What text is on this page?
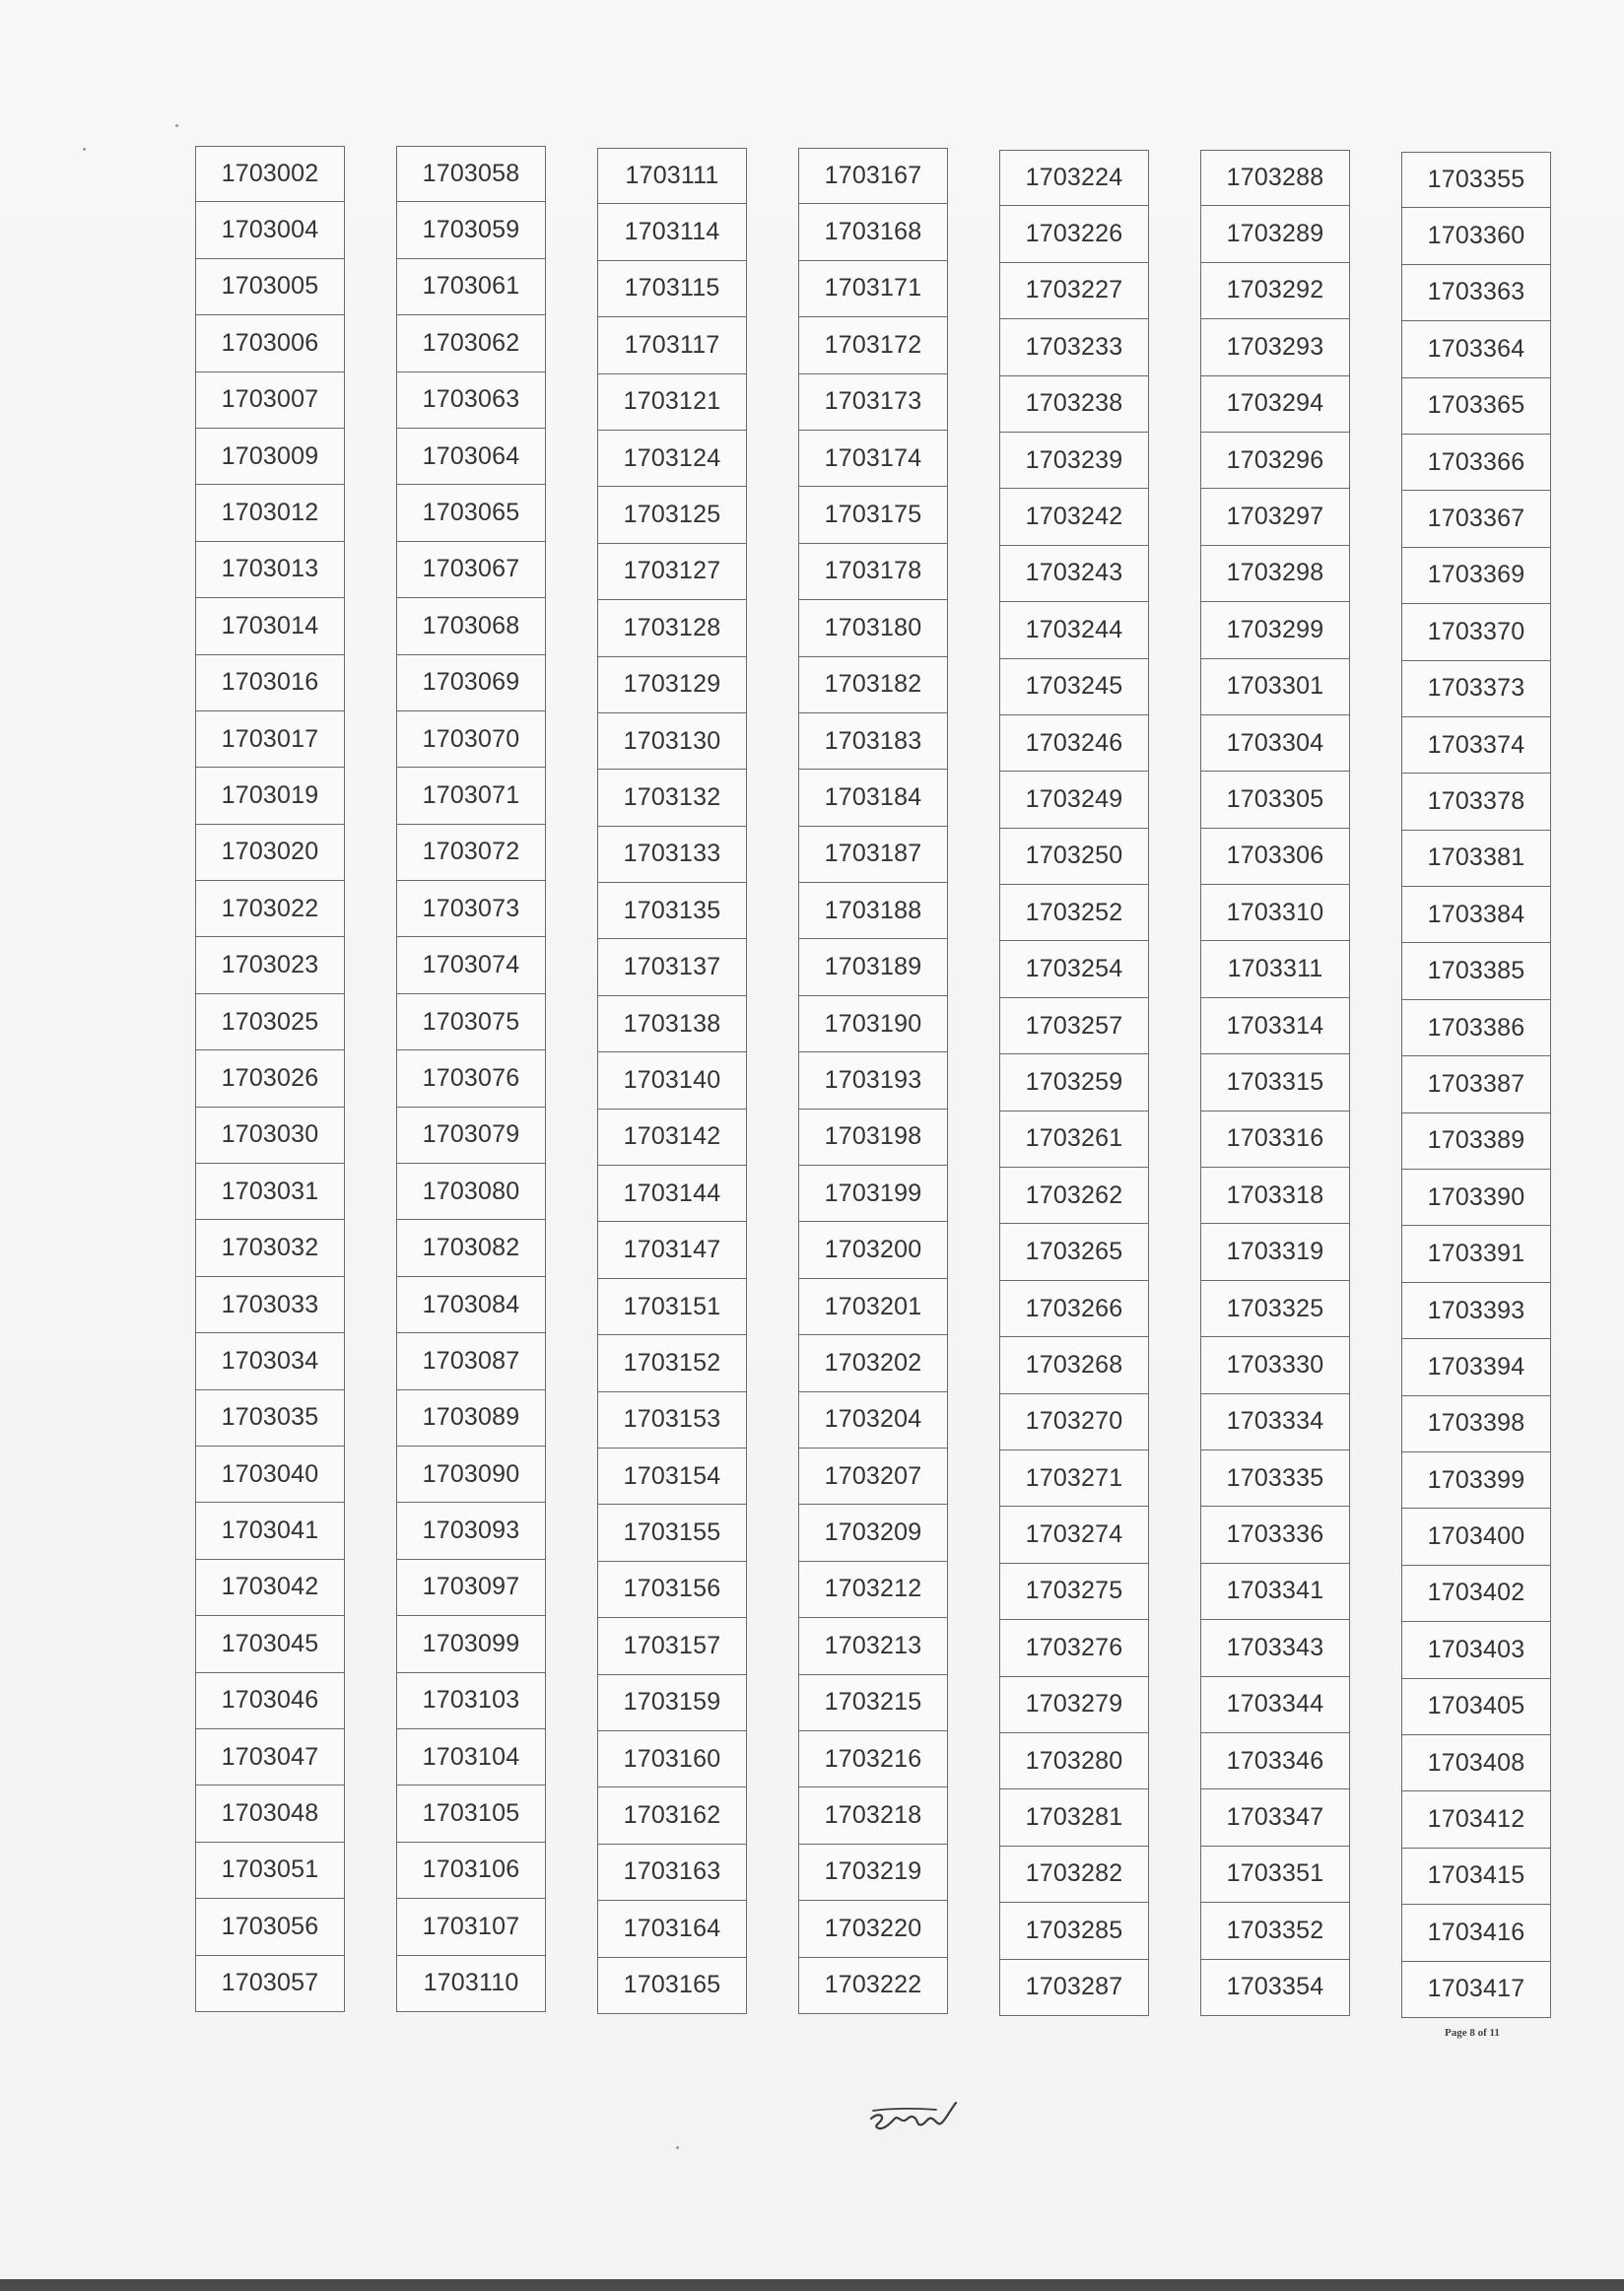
1703002
1703004
1703005
1703006
1703007
1703009
1703012
1703013
1703014
1703016
1703017
1703019
1703020
1703022
1703023
1703025
1703026
1703030
1703031
1703032
1703033
1703034
1703035
1703040
1703041
1703042
1703045
1703046
1703047
1703048
1703051
1703056
1703057
1703058
1703059
1703061
1703062
1703063
1703064
1703065
1703067
1703068
1703069
1703070
1703071
1703072
1703073
1703074
1703075
1703076
1703079
1703080
1703082
1703084
1703087
1703089
1703090
1703093
1703097
1703099
1703103
1703104
1703105
1703106
1703107
1703110
1703111
1703114
1703115
1703117
1703121
1703124
1703125
1703127
1703128
1703129
1703130
1703132
1703133
1703135
1703137
1703138
1703140
1703142
1703144
1703147
1703151
1703152
1703153
1703154
1703155
1703156
1703157
1703159
1703160
1703162
1703163
1703164
1703165
1703167
1703168
1703171
1703172
1703173
1703174
1703175
1703178
1703180
1703182
1703183
1703184
1703187
1703188
1703189
1703190
1703193
1703198
1703199
1703200
1703201
1703202
1703204
1703207
1703209
1703212
1703213
1703215
1703216
1703218
1703219
1703220
1703222
1703224
1703226
1703227
1703233
1703238
1703239
1703242
1703243
1703244
1703245
1703246
1703249
1703250
1703252
1703254
1703257
1703259
1703261
1703262
1703265
1703266
1703268
1703270
1703271
1703274
1703275
1703276
1703279
1703280
1703281
1703282
1703285
1703287
1703288
1703289
1703292
1703293
1703294
1703296
1703297
1703298
1703299
1703301
1703304
1703305
1703306
1703310
1703311
1703314
1703315
1703316
1703318
1703319
1703325
1703330
1703334
1703335
1703336
1703341
1703343
1703344
1703346
1703347
1703351
1703352
1703354
1703355
1703360
1703363
1703364
1703365
1703366
1703367
1703369
1703370
1703373
1703374
1703378
1703381
1703384
1703385
1703386
1703387
1703389
1703390
1703391
1703393
1703394
1703398
1703399
1703400
1703402
1703403
1703405
1703408
1703412
1703415
1703416
1703417
Page 8 of 11
